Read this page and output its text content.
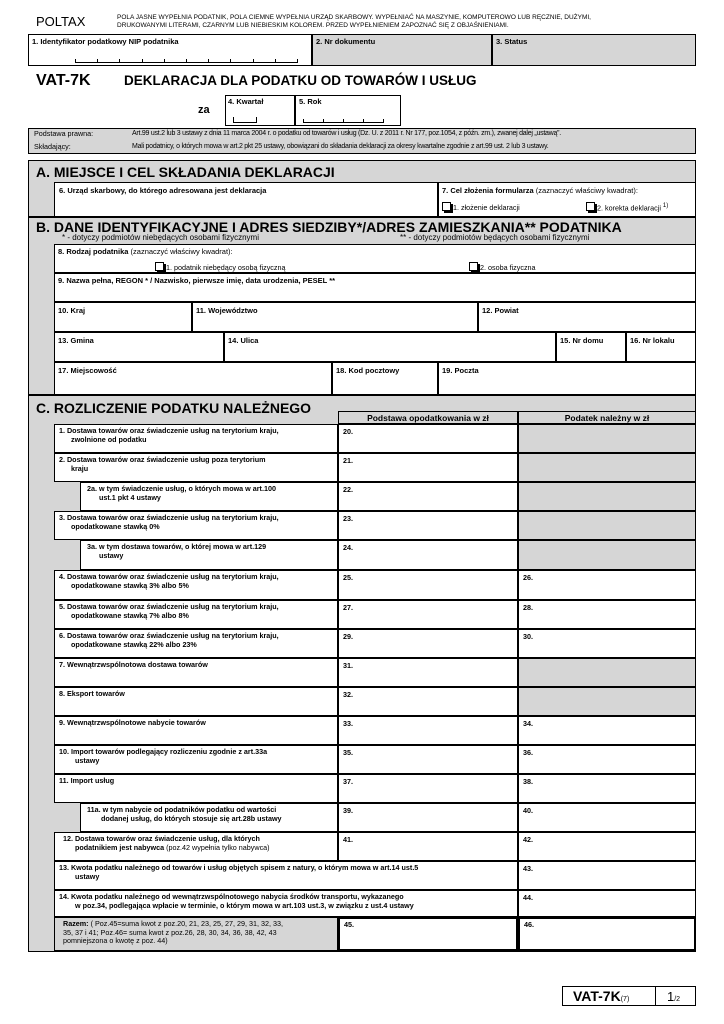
POLTAX	POLA JASNE WYPEŁNIA PODATNIK, POLA CIEMNE WYPEŁNIA URZĄD SKARBOWY. WYPEŁNIAĆ NA MASZYNIE, KOMPUTEROWO LUB RĘCZNIE, DUŻYMI,
DRUKOWANYMI LITERAMI, CZARNYM LUB NIEBIESKIM KOLOREM. PRZED WYPEŁNIENIEM ZAPOZNAĆ SIĘ Z OBJAŚNIENIAMI.
1. Identyfikator podatkowy NIP podatnika	2. Nr dokumentu	3. Status
VAT-7K DEKLARACJA DLA PODATKU OD TOWARÓW I USŁUG
za
4. Kwartał	5. Rok
Podstawa prawna:	Art.99 ust.2 lub 3 ustawy z dnia 11 marca 2004 r. o podatku od towarów i usług (Dz. U. z 2011 r. Nr 177, poz.1054, z późn. zm.), zwanej dalej „ustawą”.
Składający:	Mali podatnicy, o których mowa w art.2 pkt 25 ustawy, obowiązani do składania deklaracji za okresy kwartalne zgodnie z art.99 ust. 2 lub 3 ustawy.
A. MIEJSCE I CEL SKŁADANIA DEKLARACJI
6. Urząd skarbowy, do którego adresowana jest deklaracja	7. Cel złożenia formularza (zaznaczyć właściwy kwadrat):
1. złożenie deklaracji	2. korekta deklaracji $^{1)}$
B. DANE IDENTYFIKACYJNE I ADRES SIEDZIBY*/ADRES ZAMIESZKANIA** PODATNIKA
* - dotyczy podmiotów niebędących osobami fizycznymi	** - dotyczy podmiotów będących osobami fizycznymi
8. Rodzaj podatnika (zaznaczyć właściwy kwadrat):
1. podatnik niebędący osobą fizyczną	2. osoba fizyczna
9. Nazwa pełna, REGON * / Nazwisko, pierwsze imię, data urodzenia, PESEL **
10. Kraj	11. Województwo	12. Powiat
13. Gmina	14. Ulica	15. Nr domu	16. Nr lokalu
17. Miejscowość	18. Kod pocztowy	19. Poczta
C. ROZLICZENIE PODATKU NALEŻNEGO
Podstawa opodatkowania w zł	Podatek należny w zł
1. Dostawa towarów oraz świadczenie usług na terytorium kraju,
zwolnione od podatku
20.
2. Dostawa towarów oraz świadczenie usług poza terytorium
kraju
21.
2a. w tym świadczenie usług, o których mowa w art.100
ust.1 pkt 4 ustawy
22.
3. Dostawa towarów oraz świadczenie usług na terytorium kraju,
opodatkowane stawką 0%
23.
3a. w tym dostawa towarów, o której mowa w art.129
ustawy
24.
4. Dostawa towarów oraz świadczenie usług na terytorium kraju,
opodatkowane stawką 3% albo 5%
25.	26.
5. Dostawa towarów oraz świadczenie usług na terytorium kraju,
opodatkowane stawką 7% albo 8%
27.	28.
6. Dostawa towarów oraz świadczenie usług na terytorium kraju,
opodatkowane stawką 22% albo 23%
29.	30.
7. Wewnątrzwspólnotowa dostawa towarów	31.
8. Eksport towarów	32.
9. Wewnątrzwspólnotowe nabycie towarów	33.	34.
10. Import towarów podlegający rozliczeniu zgodnie z art.33a
ustawy
35.	36.
11. Import usług	37.	38.
11a. w tym nabycie od podatników podatku od wartości
dodanej usług, do których stosuje się art.28b ustawy
39.	40.
12. Dostawa towarów oraz świadczenie usług, dla których
podatnikiem jest nabywca (poz.42 wypełnia tylko nabywca)
41.	42.
13. Kwota podatku należnego od towarów i usług objętych spisem z natury, o którym mowa w art.14 ust.5
ustawy
43.
14. Kwota podatku należnego od wewnątrzwspólnotowego nabycia środków transportu, wykazanego
w poz.34, podlegająca wpłacie w terminie, o którym mowa w art.103 ust.3, w związku z ust.4 ustawy
44.
Razem: ( Poz.45=suma kwot z poz.20, 21, 23, 25, 27, 29, 31, 32, 33,
35, 37 i 41; Poz.46= suma kwot z poz.26, 28, 30, 34, 36, 38, 42, 43
pomniejszona o kwotę z poz. 44)
45.	46.
VAT-7K(7)	1/2
